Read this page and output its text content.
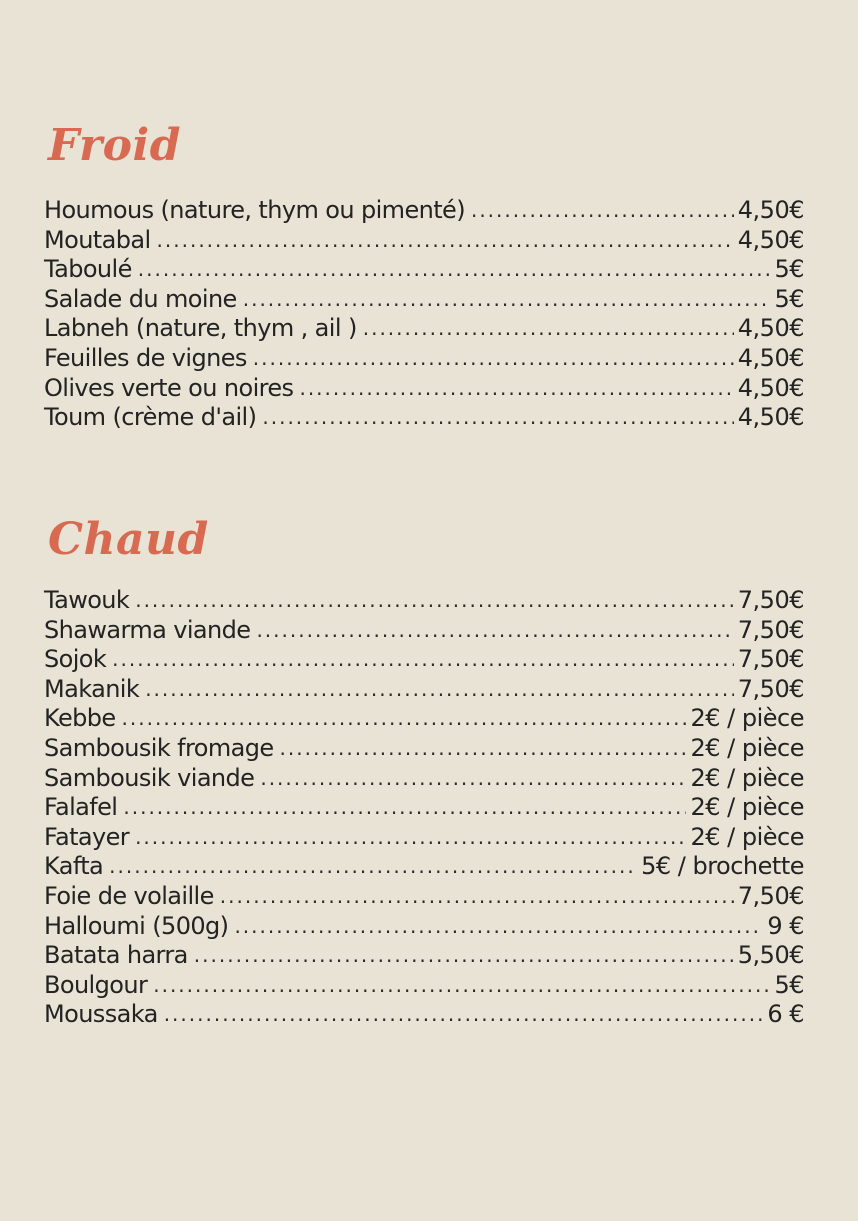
Froid
Houmous (nature, thym ou pimenté) .....	4,50€
Moutabal .....	4,50€
Taboulé .....	5€
Salade du moine .....	5€
Labneh (nature, thym , ail ) .....	4,50€
Feuilles de vignes .....	4,50€
Olives verte ou noires .....	4,50€
Toum (crème d'ail) .....	4,50€
Chaud
Tawouk .....	7,50€
Shawarma viande .....	7,50€
Sojok .....	7,50€
Makanik .....	7,50€
Kebbe .....	2€ / pièce
Sambousik fromage .....	2€ / pièce
Sambousik viande .....	2€ / pièce
Falafel .....	2€ / pièce
Fatayer .....	2€ / pièce
Kafta .....	5€ / brochette
Foie de volaille .....	7,50€
Halloumi (500g) .....	9 €
Batata harra .....	5,50€
Boulgour .....	5€
Moussaka .....	6 €
